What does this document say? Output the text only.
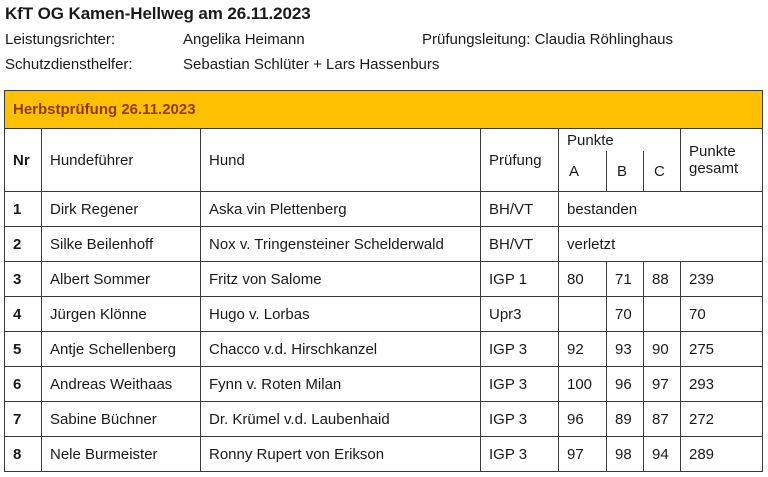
KfT OG Kamen-Hellweg am 26.11.2023
Leistungsrichter:	Angelika Heimann	Prüfungsleitung: Claudia Röhlinghaus
Schutzdiensthelfer:	Sebastian Schlüter + Lars Hassenburs
Herbstprüfung 26.11.2023							
Nr	Hundeführer	Hund	Prüfung	Punkte			Punkte
gesamt
				A	B	C	
1	Dirk Regener	Aska vin Plettenberg	BH/VT	bestanden			
2	Silke Beilenhoff	Nox v. Tringensteiner Schelderwald	BH/VT	verletzt			
3	Albert Sommer	Fritz von Salome	IGP 1	80	71	88	239
4	Jürgen Klönne	Hugo v. Lorbas	Upr3		70		70
5	Antje Schellenberg	Chacco v.d. Hirschkanzel	IGP 3	92	93	90	275
6	Andreas Weithaas	Fynn v. Roten Milan	IGP 3	100	96	97	293
7	Sabine Büchner	Dr. Krümel v.d. Laubenhaid	IGP 3	96	89	87	272
8	Nele Burmeister	Ronny Rupert von Erikson	IGP 3	97	98	94	289
